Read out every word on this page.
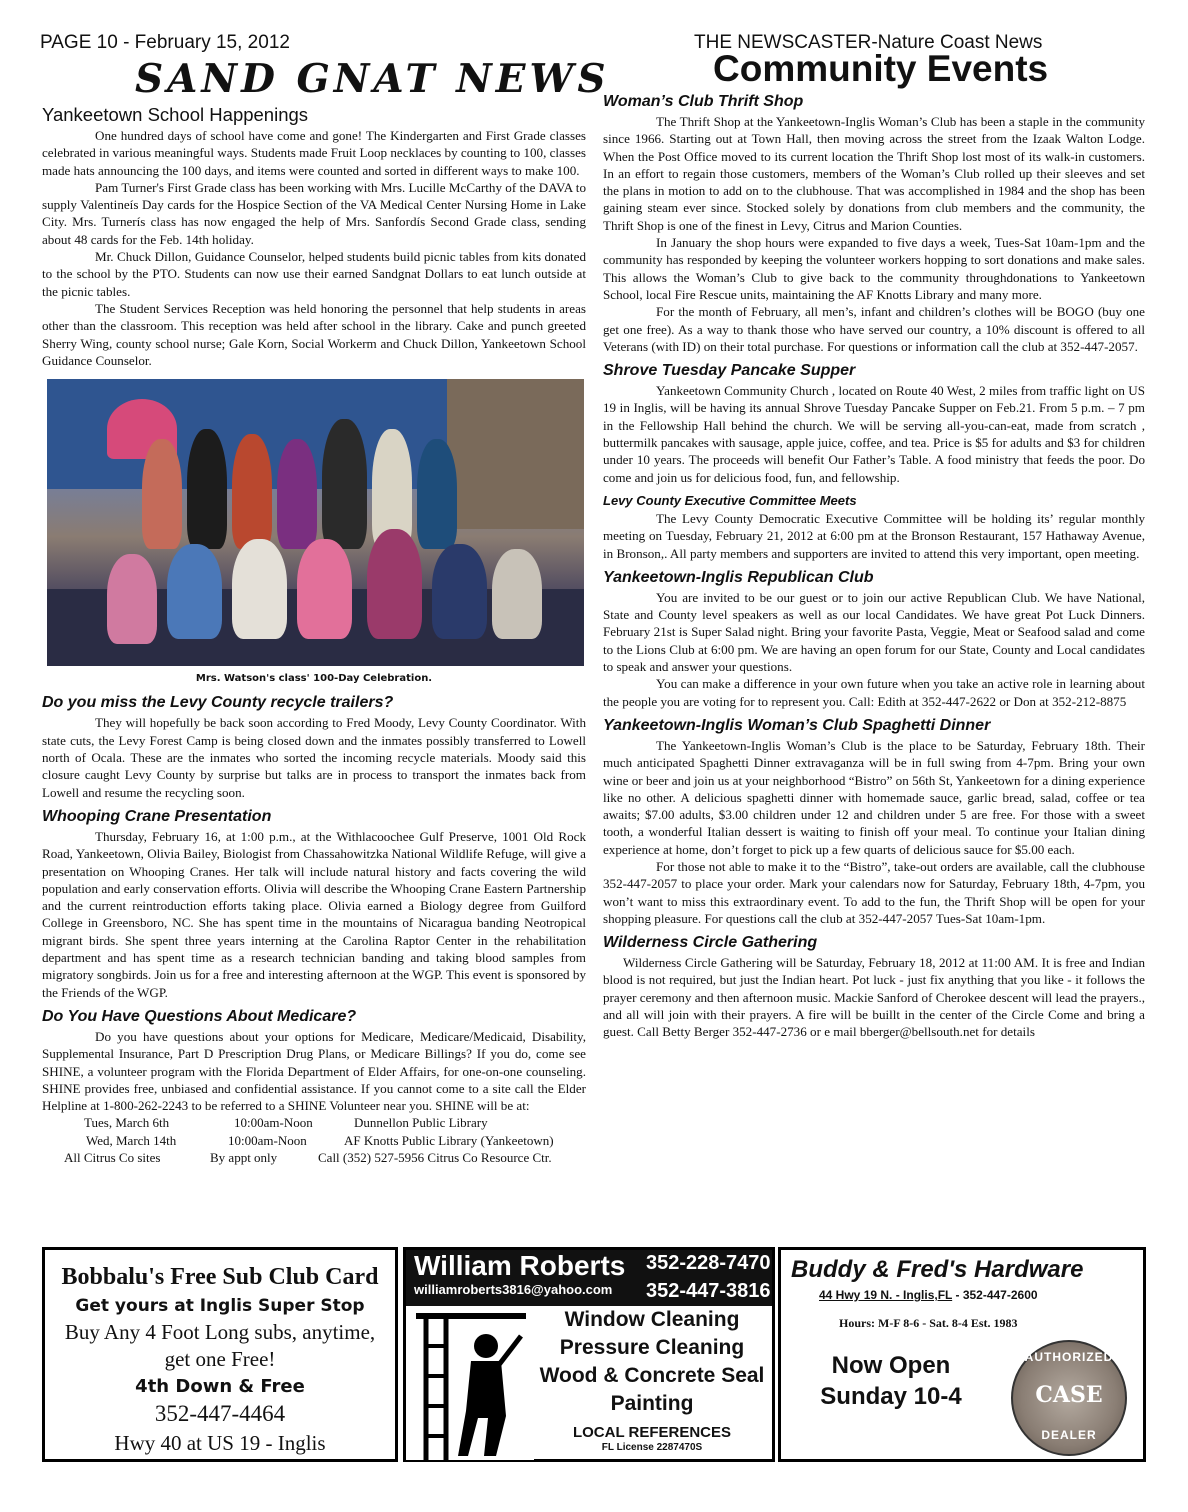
PAGE 10 - February 15, 2012	THE NEWSCASTER-Nature Coast News
SAND GNAT NEWS	Community Events
Yankeetown School Happenings

One hundred days of school have come and gone! The Kindergarten and First Grade classes celebrated in various meaningful ways. Students made Fruit Loop necklaces by counting to 100, classes made hats announcing the 100 days, and items were counted and sorted in different ways to make 100.

Pam Turner's First Grade class has been working with Mrs. Lucille McCarthy of the DAVA to supply Valentineís Day cards for the Hospice Section of the VA Medical Center Nursing Home in Lake City. Mrs. Turnerís class has now engaged the help of Mrs. Sanfordís Second Grade class, sending about 48 cards for the Feb. 14th holiday.

Mr. Chuck Dillon, Guidance Counselor, helped students build picnic tables from kits donated to the school by the PTO. Students can now use their earned Sandgnat Dollars to eat lunch outside at the picnic tables.

The Student Services Reception was held honoring the personnel that help students in areas other than the classroom. This reception was held after school in the library. Cake and punch greeted Sherry Wing, county school nurse; Gale Korn, Social Workerm and Chuck Dillon, Yankeetown School Guidance Counselor.

Mrs. Watson's class' 100-Day Celebration.
Do you miss the Levy County recycle trailers?

They will hopefully be back soon according to Fred Moody, Levy County Coordinator. With state cuts, the Levy Forest Camp is being closed down and the inmates possibly transferred to Lowell north of Ocala. These are the inmates who sorted the incoming recycle materials. Moody said this closure caught Levy County by surprise but talks are in process to transport the inmates back from Lowell and resume the recycling soon.

Whooping Crane Presentation

Thursday, February 16, at 1:00 p.m., at the Withlacoochee Gulf Preserve, 1001 Old Rock Road, Yankeetown, Olivia Bailey, Biologist from Chassahowitzka National Wildlife Refuge, will give a presentation on Whooping Cranes. Her talk will include natural history and facts covering the wild population and early conservation efforts. Olivia will describe the Whooping Crane Eastern Partnership and the current reintroduction efforts taking place. Olivia earned a Biology degree from Guilford College in Greensboro, NC. She has spent time in the mountains of Nicaragua banding Neotropical migrant birds. She spent three years interning at the Carolina Raptor Center in the rehabilitation department and has spent time as a research technician banding and taking blood samples from migratory songbirds. Join us for a free and interesting afternoon at the WGP. This event is sponsored by the Friends of the WGP.

Do You Have Questions About Medicare?

Do you have questions about your options for Medicare, Medicare/Medicaid, Disability, Supplemental Insurance, Part D Prescription Drug Plans, or Medicare Billings? If you do, come see SHINE, a volunteer program with the Florida Department of Elder Affairs, for one-on-one counseling. SHINE provides free, unbiased and confidential assistance. If you cannot come to a site call the Elder Helpline at 1-800-262-2243 to be referred to a SHINE Volunteer near you. SHINE will be at:

Tues, March 6th	10:00am-Noon	Dunnellon Public Library
Wed, March 14th	10:00am-Noon	AF Knotts Public Library (Yankeetown)
All Citrus Co sites	By appt only	Call (352) 527-5956 Citrus Co Resource Ctr.
Woman’s Club Thrift Shop

The Thrift Shop at the Yankeetown-Inglis Woman’s Club has been a staple in the community since 1966. Starting out at Town Hall, then moving across the street from the Izaak Walton Lodge. When the Post Office moved to its current location the Thrift Shop lost most of its walk-in customers. In an effort to regain those customers, members of the Woman’s Club rolled up their sleeves and set the plans in motion to add on to the clubhouse. That was accomplished in 1984 and the shop has been gaining steam ever since. Stocked solely by donations from club members and the community, the Thrift Shop is one of the finest in Levy, Citrus and Marion Counties.

In January the shop hours were expanded to five days a week, Tues-Sat 10am-1pm and the community has responded by keeping the volunteer workers hopping to sort donations and make sales. This allows the Woman’s Club to give back to the community throughdonations to Yankeetown School, local Fire Rescue units, maintaining the AF Knotts Library and many more.

For the month of February, all men’s, infant and children’s clothes will be BOGO (buy one get one free). As a way to thank those who have served our country, a 10% discount is offered to all Veterans (with ID) on their total purchase. For questions or information call the club at 352-447-2057.

Shrove Tuesday Pancake Supper

Yankeetown Community Church , located on Route 40 West, 2 miles from traffic light on US 19 in Inglis, will be having its annual Shrove Tuesday Pancake Supper on Feb.21. From 5 p.m. – 7 pm in the Fellowship Hall behind the church. We will be serving all-you-can-eat, made from scratch , buttermilk pancakes with sausage, apple juice, coffee, and tea. Price is $5 for adults and $3 for children under 10 years. The proceeds will benefit Our Father’s Table. A food ministry that feeds the poor. Do come and join us for delicious food, fun, and fellowship.

Levy County Executive Committee Meets

The Levy County Democratic Executive Committee will be holding its’ regular monthly meeting on Tuesday, February 21, 2012 at 6:00 pm at the Bronson Restaurant, 157 Hathaway Avenue, in Bronson,. All party members and supporters are invited to attend this very important, open meeting.

Yankeetown-Inglis Republican Club

You are invited to be our guest or to join our active Republican Club. We have National, State and County level speakers as well as our local Candidates. We have great Pot Luck Dinners. February 21st is Super Salad night. Bring your favorite Pasta, Veggie, Meat or Seafood salad and come to the Lions Club at 6:00 pm. We are having an open forum for our State, County and Local candidates to speak and answer your questions.

You can make a difference in your own future when you take an active role in learning about the people you are voting for to represent you. Call: Edith at 352-447-2622 or Don at 352-212-8875

Yankeetown-Inglis Woman’s Club Spaghetti Dinner

The Yankeetown-Inglis Woman’s Club is the place to be Saturday, February 18th. Their much anticipated Spaghetti Dinner extravaganza will be in full swing from 4-7pm. Bring your own wine or beer and join us at your neighborhood “Bistro” on 56th St, Yankeetown for a dining experience like no other. A delicious spaghetti dinner with homemade sauce, garlic bread, salad, coffee or tea awaits; $7.00 adults, $3.00 children under 12 and children under 5 are free. For those with a sweet tooth, a wonderful Italian dessert is waiting to finish off your meal. To continue your Italian dining experience at home, don’t forget to pick up a few quarts of delicious sauce for $5.00 each.

For those not able to make it to the “Bistro”, take-out orders are available, call the clubhouse 352-447-2057 to place your order. Mark your calendars now for Saturday, February 18th, 4-7pm, you won’t want to miss this extraordinary event. To add to the fun, the Thrift Shop will be open for your shopping pleasure. For questions call the club at 352-447-2057 Tues-Sat 10am-1pm.

Wilderness Circle Gathering

Wilderness Circle Gathering will be Saturday, February 18, 2012 at 11:00 AM. It is free and Indian blood is not required, but just the Indian heart. Pot luck - just fix anything that you like - it follows the prayer ceremony and then afternoon music. Mackie Sanford of Cherokee descent will lead the prayers., and all will join with their prayers. A fire will be buillt in the center of the Circle Come and bring a guest. Call Betty Berger 352-447-2736 or e mail bberger@bellsouth.net for details

Bobbalu's Free Sub Club Card
Get yours at Inglis Super Stop
Buy Any 4 Foot Long subs, anytime,
get one Free!
4th Down & Free
352-447-4464
Hwy 40 at US 19 - Inglis
William Roberts 352-228-7470
williamroberts3816@yahoo.com 352-447-3816
Window Cleaning
Pressure Cleaning
Wood & Concrete Seal
Painting
LOCAL REFERENCES
FL License 2287470S
Buddy & Fred's Hardware
44 Hwy 19 N. - Inglis,FL - 352-447-2600
Hours: M-F 8-6 - Sat. 8-4 Est. 1983
Now Open
Sunday 10-4
AUTHORIZED
CASE
DEALER
